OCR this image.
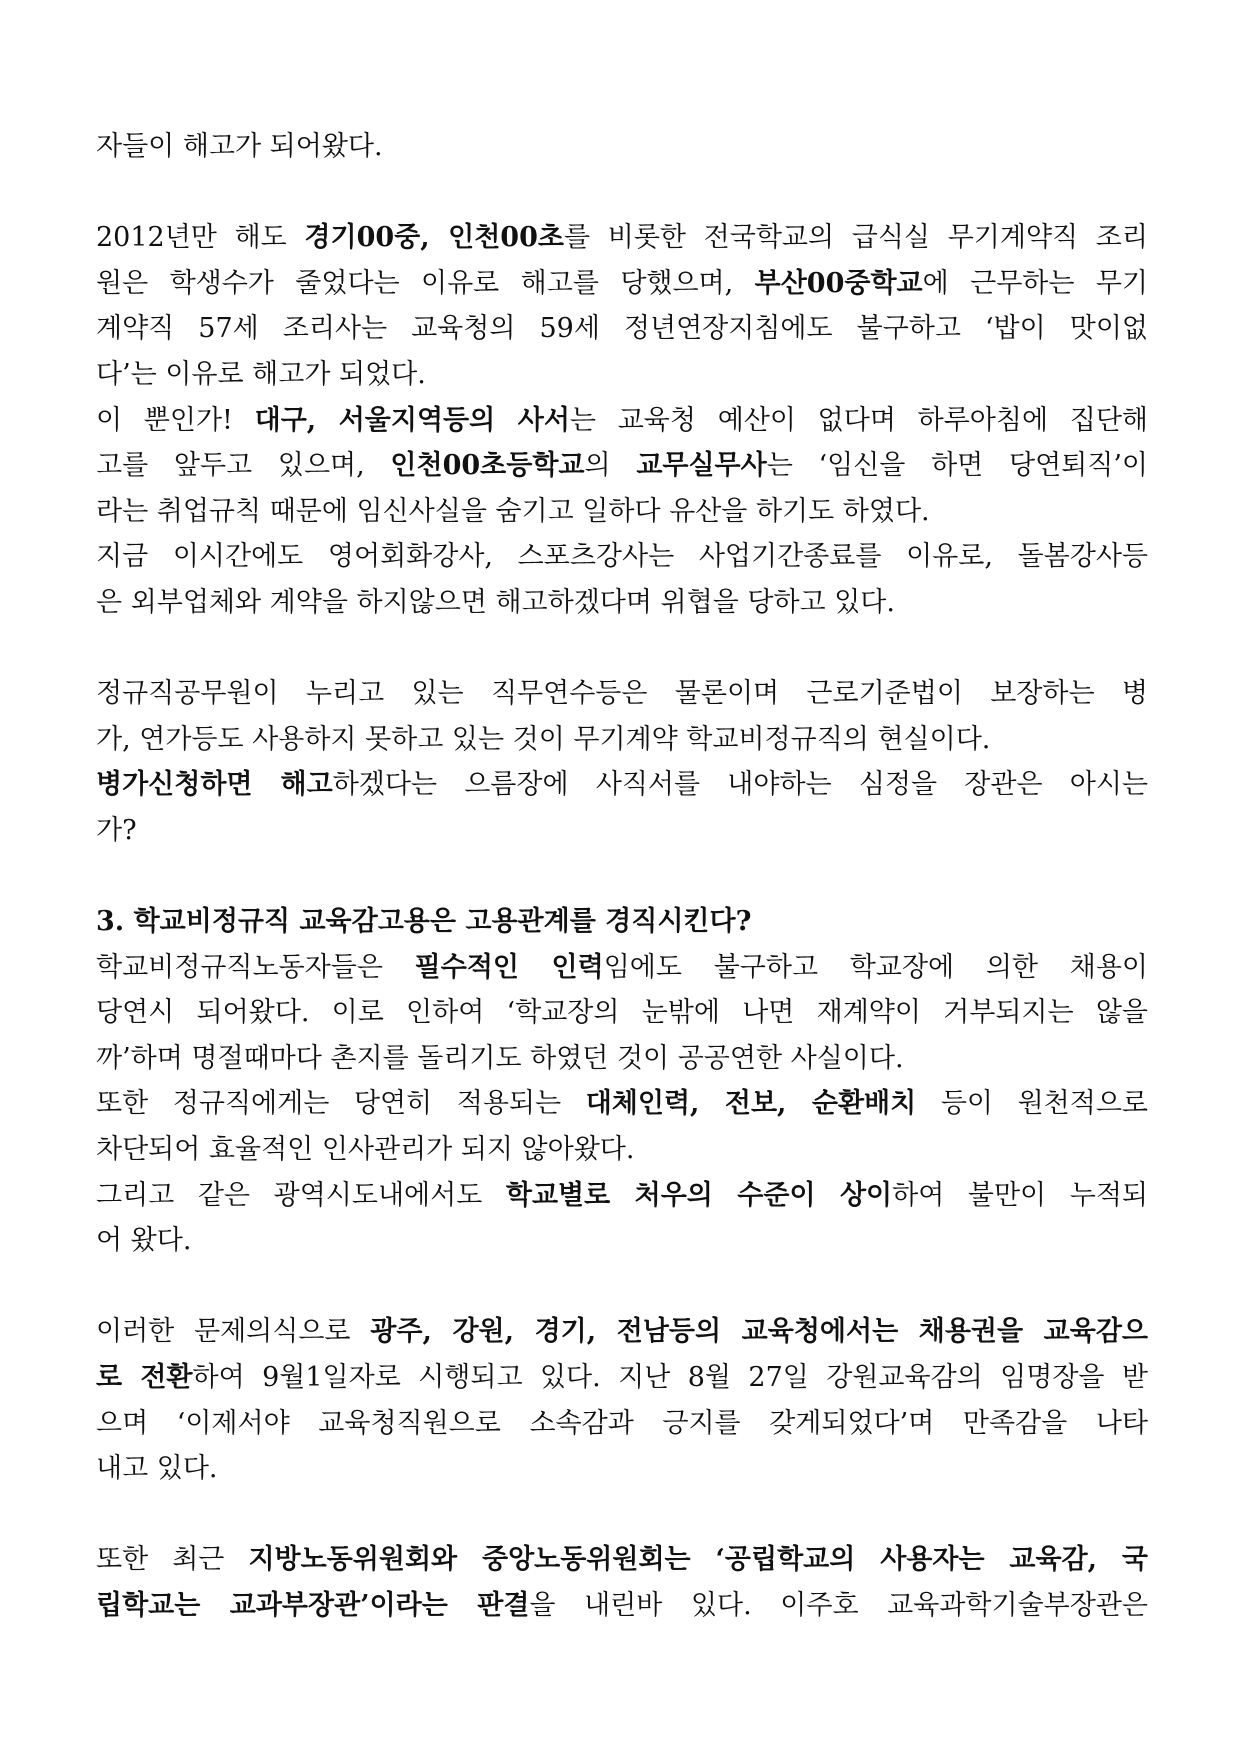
자들이 해고가 되어왔다.
2012년만 해도 경기00중, 인천00초를 비롯한 전국학교의 급식실 무기계약직 조리
원은 학생수가 줄었다는 이유로 해고를 당했으며, 부산00중학교에 근무하는 무기
계약직 57세 조리사는 교육청의 59세 정년연장지침에도 불구하고 ‘밥이 맛이없
다’는 이유로 해고가 되었다.
이 뿐인가! 대구, 서울지역등의 사서는 교육청 예산이 없다며 하루아침에 집단해
고를 앞두고 있으며, 인천00초등학교의 교무실무사는 ‘임신을 하면 당연퇴직’이
라는 취업규칙 때문에 임신사실을 숨기고 일하다 유산을 하기도 하였다.
지금 이시간에도 영어회화강사, 스포츠강사는 사업기간종료를 이유로, 돌봄강사등
은 외부업체와 계약을 하지않으면 해고하겠다며 위협을 당하고 있다.
정규직공무원이 누리고 있는 직무연수등은 물론이며 근로기준법이 보장하는 병
가, 연가등도 사용하지 못하고 있는 것이 무기계약 학교비정규직의 현실이다.
병가신청하면 해고하겠다는 으름장에 사직서를 내야하는 심정을 장관은 아시는
가?
3. 학교비정규직 교육감고용은 고용관계를 경직시킨다?
학교비정규직노동자들은 필수적인 인력임에도 불구하고 학교장에 의한 채용이
당연시 되어왔다. 이로 인하여 ‘학교장의 눈밖에 나면 재계약이 거부되지는 않을
까’하며 명절때마다 촌지를 돌리기도 하였던 것이 공공연한 사실이다.
또한 정규직에게는 당연히 적용되는 대체인력, 전보, 순환배치 등이 원천적으로
차단되어 효율적인 인사관리가 되지 않아왔다.
그리고 같은 광역시도내에서도 학교별로 처우의 수준이 상이하여 불만이 누적되
어 왔다.
이러한 문제의식으로 광주, 강원, 경기, 전남등의 교육청에서는 채용권을 교육감으
로 전환하여 9월1일자로 시행되고 있다. 지난 8월 27일 강원교육감의 임명장을 받
으며 ‘이제서야 교육청직원으로 소속감과 긍지를 갖게되었다’며 만족감을 나타
내고 있다.
또한 최근 지방노동위원회와 중앙노동위원회는 ‘공립학교의 사용자는 교육감, 국
립학교는 교과부장관’이라는 판결을 내린바 있다. 이주호 교육과학기술부장관은
